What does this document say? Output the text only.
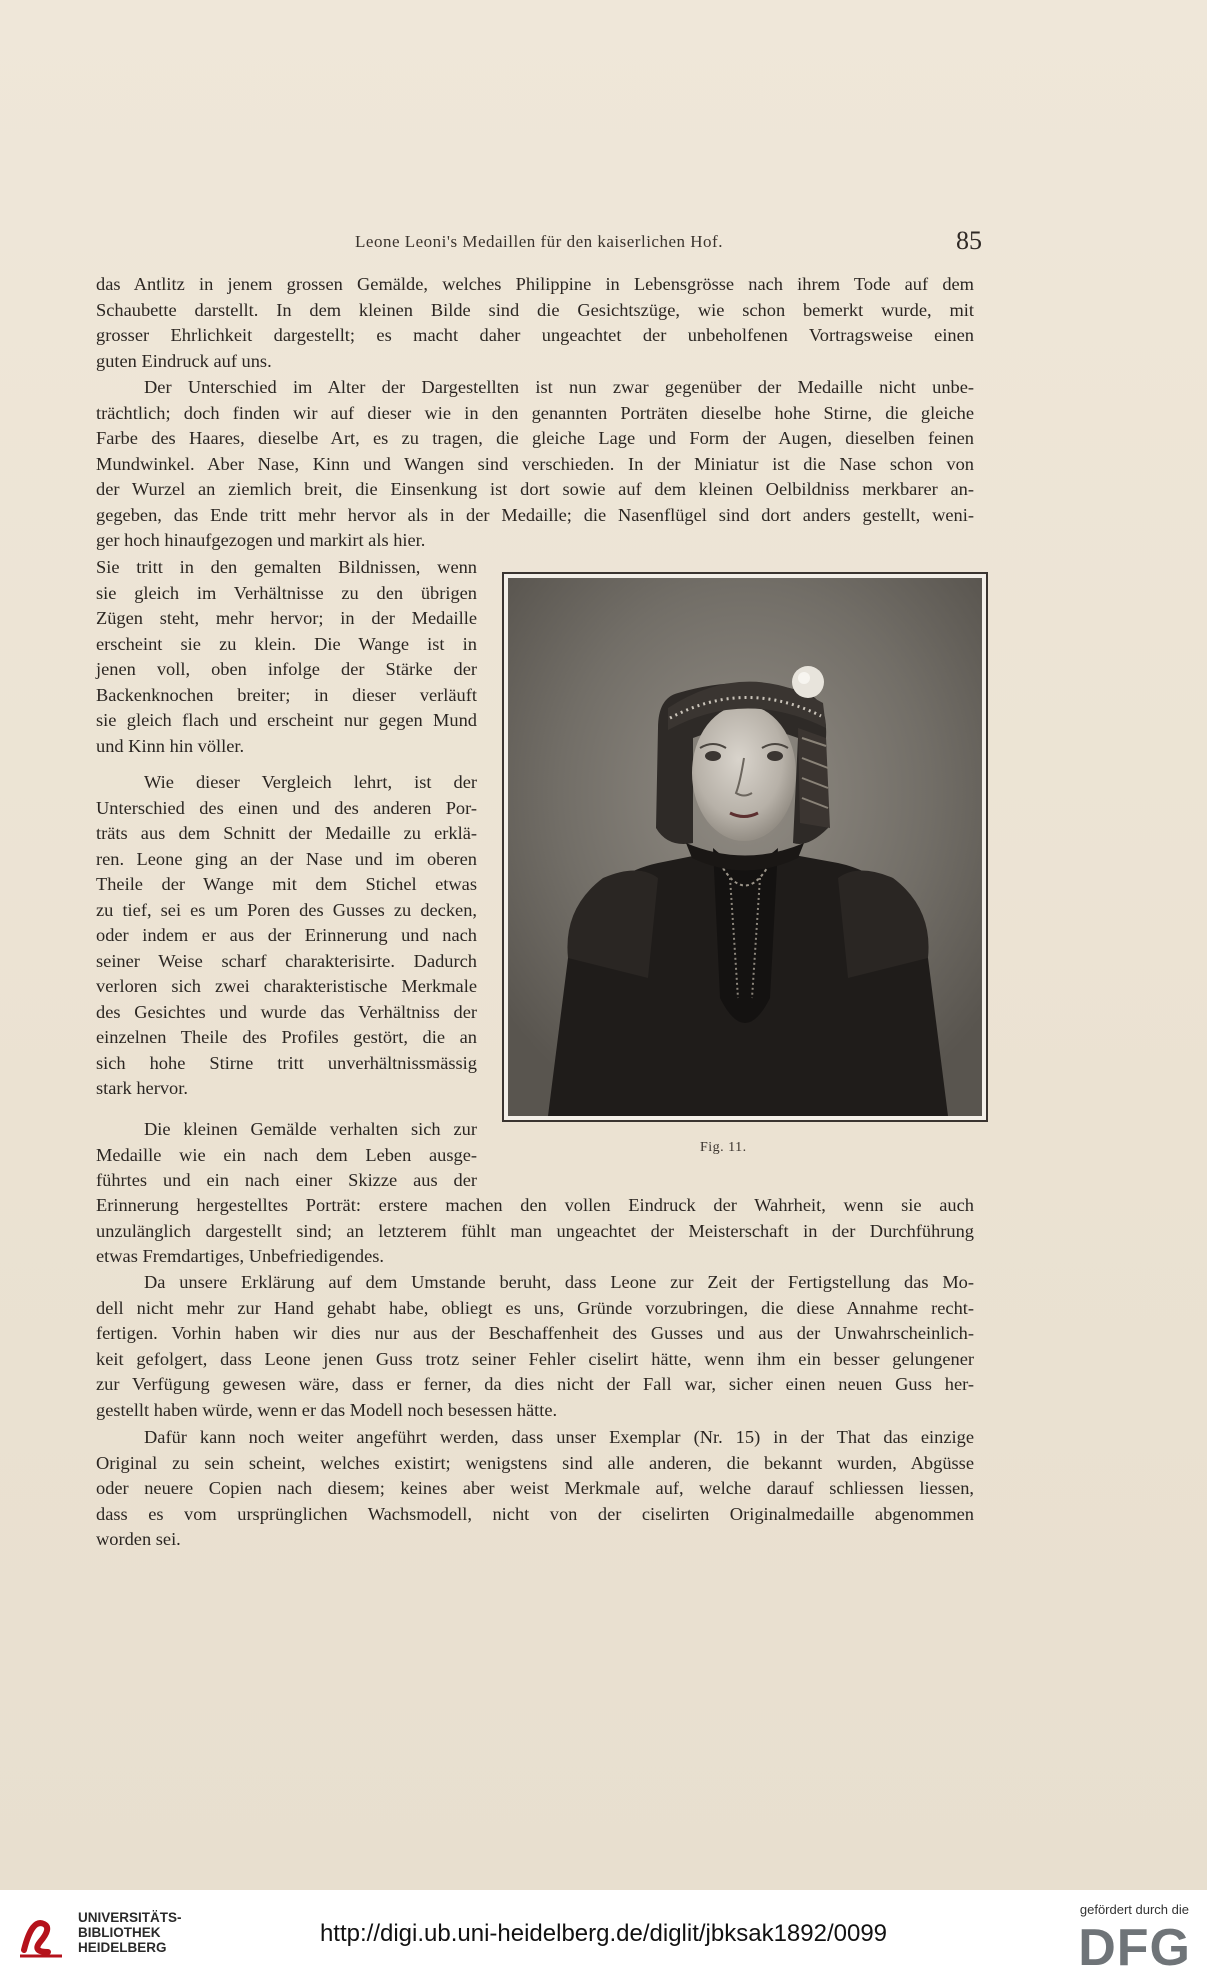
Leone Leoni's Medaillen für den kaiserlichen Hof.	85

das Antlitz in jenem grossen Gemälde, welches Philippine in Lebensgrösse nach ihrem Tode auf dem
Schaubette darstellt. In dem kleinen Bilde sind die Gesichtszüge, wie schon bemerkt wurde, mit
grosser Ehrlichkeit dargestellt; es macht daher ungeachtet der unbeholfenen Vortragsweise einen
guten Eindruck auf uns.

Der Unterschied im Alter der Dargestellten ist nun zwar gegenüber der Medaille nicht unbe-
trächtlich; doch finden wir auf dieser wie in den genannten Porträten dieselbe hohe Stirne, die gleiche
Farbe des Haares, dieselbe Art, es zu tragen, die gleiche Lage und Form der Augen, dieselben feinen
Mundwinkel. Aber Nase, Kinn und Wangen sind verschieden. In der Miniatur ist die Nase schon von
der Wurzel an ziemlich breit, die Einsenkung ist dort sowie auf dem kleinen Oelbildniss merkbarer an-
gegeben, das Ende tritt mehr hervor als in der Medaille; die Nasenflügel sind dort anders gestellt, weni-
ger hoch hinaufgezogen und markirt als hier.

Sie tritt in den gemalten Bildnissen, wenn
sie gleich im Verhältnisse zu den übrigen
Zügen steht, mehr hervor; in der Medaille
erscheint sie zu klein. Die Wange ist in
jenen voll, oben infolge der Stärke der
Backenknochen breiter; in dieser verläuft
sie gleich flach und erscheint nur gegen Mund
und Kinn hin völler.

Wie dieser Vergleich lehrt, ist der
Unterschied des einen und des anderen Por-
träts aus dem Schnitt der Medaille zu erklä-
ren. Leone ging an der Nase und im oberen
Theile der Wange mit dem Stichel etwas
zu tief, sei es um Poren des Gusses zu decken,
oder indem er aus der Erinnerung und nach
seiner Weise scharf charakterisirte. Dadurch
verloren sich zwei charakteristische Merkmale
des Gesichtes und wurde das Verhältniss der
einzelnen Theile des Profiles gestört, die an
sich hohe Stirne tritt unverhältnissmässig
stark hervor.

Die kleinen Gemälde verhalten sich zur
Medaille wie ein nach dem Leben ausge-
führtes und ein nach einer Skizze aus der

Erinnerung hergestelltes Porträt: erstere machen den vollen Eindruck der Wahrheit, wenn sie auch
unzulänglich dargestellt sind; an letzterem fühlt man ungeachtet der Meisterschaft in der Durchführung
etwas Fremdartiges, Unbefriedigendes.

Da unsere Erklärung auf dem Umstande beruht, dass Leone zur Zeit der Fertigstellung das Mo-
dell nicht mehr zur Hand gehabt habe, obliegt es uns, Gründe vorzubringen, die diese Annahme recht-
fertigen. Vorhin haben wir dies nur aus der Beschaffenheit des Gusses und aus der Unwahrscheinlich-
keit gefolgert, dass Leone jenen Guss trotz seiner Fehler ciselirt hätte, wenn ihm ein besser gelungener
zur Verfügung gewesen wäre, dass er ferner, da dies nicht der Fall war, sicher einen neuen Guss her-
gestellt haben würde, wenn er das Modell noch besessen hätte.

Dafür kann noch weiter angeführt werden, dass unser Exemplar (Nr. 15) in der That das einzige
Original zu sein scheint, welches existirt; wenigstens sind alle anderen, die bekannt wurden, Abgüsse
oder neuere Copien nach diesem; keines aber weist Merkmale auf, welche darauf schliessen liessen,
dass es vom ursprünglichen Wachsmodell, nicht von der ciselirten Originalmedaille abgenommen
worden sei.

Fig. 11.
UNIVERSITÄTS-
BIBLIOTHEK
HEIDELBERG
http://digi.ub.uni-heidelberg.de/diglit/jbksak1892/0099
gefördert durch die
DFG
